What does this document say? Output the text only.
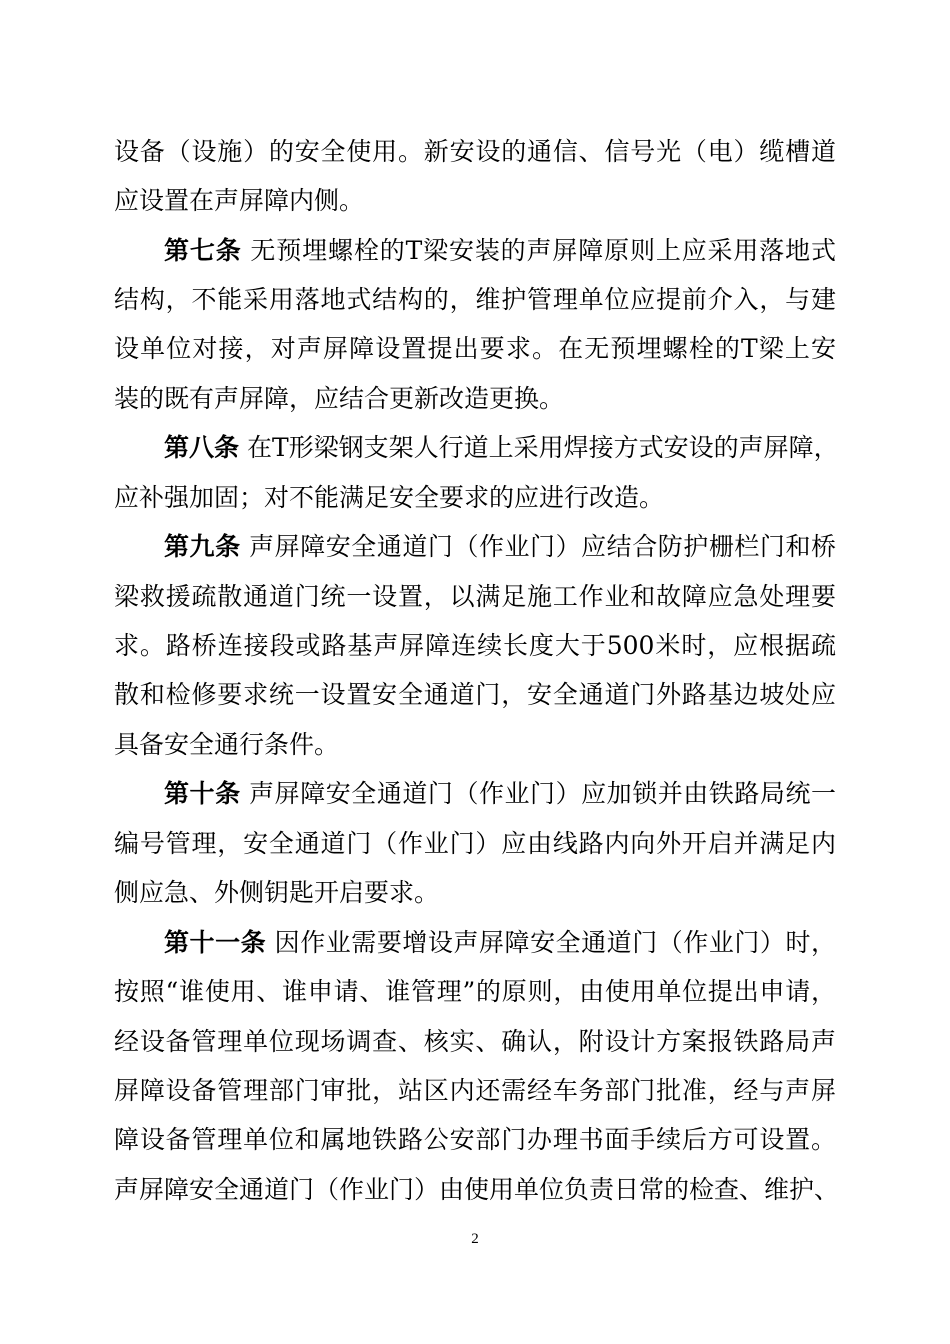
设备（设施）的安全使用。新安设的通信、信号光（电）缆槽道
应设置在声屏障内侧。
第七条 无预埋螺栓的T梁安装的声屏障原则上应采用落地式
结构，不能采用落地式结构的，维护管理单位应提前介入，与建
设单位对接，对声屏障设置提出要求。在无预埋螺栓的T梁上安
装的既有声屏障，应结合更新改造更换。
第八条 在T形梁钢支架人行道上采用焊接方式安设的声屏障，
应补强加固；对不能满足安全要求的应进行改造。
第九条 声屏障安全通道门（作业门）应结合防护栅栏门和桥
梁救援疏散通道门统一设置，以满足施工作业和故障应急处理要
求。路桥连接段或路基声屏障连续长度大于500米时，应根据疏
散和检修要求统一设置安全通道门，安全通道门外路基边坡处应
具备安全通行条件。
第十条 声屏障安全通道门（作业门）应加锁并由铁路局统一
编号管理，安全通道门（作业门）应由线路内向外开启并满足内
侧应急、外侧钥匙开启要求。
第十一条 因作业需要增设声屏障安全通道门（作业门）时，
按照“谁使用、谁申请、谁管理”的原则，由使用单位提出申请，
经设备管理单位现场调查、核实、确认，附设计方案报铁路局声
屏障设备管理部门审批，站区内还需经车务部门批准，经与声屏
障设备管理单位和属地铁路公安部门办理书面手续后方可设置。
声屏障安全通道门（作业门）由使用单位负责日常的检查、维护、
2
